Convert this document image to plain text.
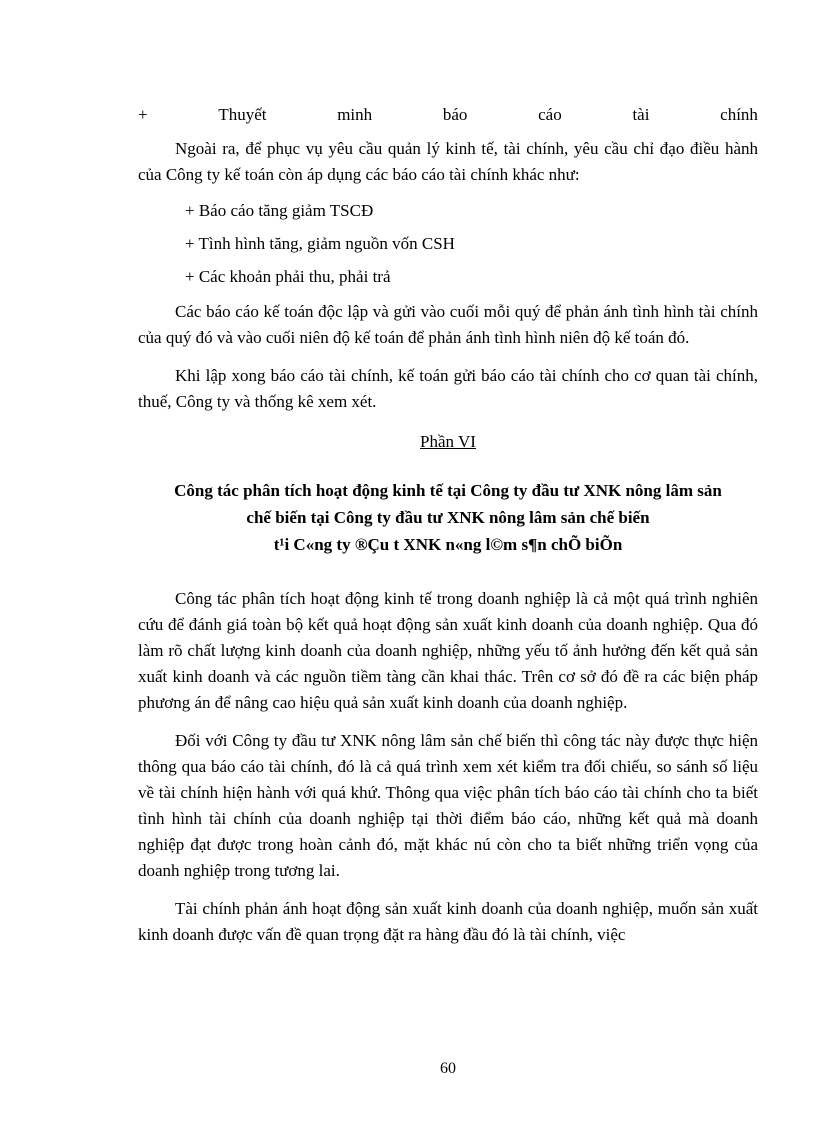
+	Thuyết	minh	báo	cáo	tài	chính

Ngoài ra, để phục vụ yêu cầu quản lý kinh tế, tài chính, yêu cầu chỉ đạo điều hành của Công ty kế toán còn áp dụng các báo cáo tài chính khác như:

+ Báo cáo tăng giảm TSCĐ

+ Tình hình tăng, giảm nguồn vốn CSH

+ Các khoản phải thu, phải trả

Các báo cáo kế toán độc lập và gửi vào cuối mỗi quý để phản ánh tình hình tài chính của quý đó và vào cuối niên độ kế toán để phản ánh tình hình niên độ kế toán đó.

Khi lập xong báo cáo tài chính, kế toán gửi báo cáo tài chính cho cơ quan tài chính, thuế, Công ty và thống kê xem xét.

Phần VI
Công tác phân tích hoạt động kinh tế tại Công ty đầu tư XNK nông lâm sản
chế biến tại Công ty đầu tư XNK nông lâm sản chế biến
t¹i C«ng ty ®Çu t XNK n«ng l©m s¶n chÕ biÕn

Công tác phân tích hoạt động kinh tế trong doanh nghiệp là cả một quá trình nghiên cứu để đánh giá toàn bộ kết quả hoạt động sản xuất kinh doanh của doanh nghiệp. Qua đó làm rõ chất lượng kinh doanh của doanh nghiệp, những yếu tố ảnh hưởng đến kết quả sản xuất kinh doanh và các nguồn tiềm tàng cần khai thác. Trên cơ sở đó đề ra các biện pháp phương án để nâng cao hiệu quả sản xuất kinh doanh của doanh nghiệp.

Đối với Công ty đầu tư XNK nông lâm sản chế biến thì công tác này được thực hiện thông qua báo cáo tài chính, đó là cả quá trình xem xét kiểm tra đối chiếu, so sánh số liệu về tài chính hiện hành với quá khứ. Thông qua việc phân tích báo cáo tài chính cho ta biết tình hình tài chính của doanh nghiệp tại thời điểm báo cáo, những kết quả mà doanh nghiệp đạt được trong hoàn cảnh đó, mặt khác nú còn cho ta biết những triển vọng của doanh nghiệp trong tương lai.

Tài chính phản ánh hoạt động sản xuất kinh doanh của doanh nghiệp, muốn sản xuất kinh doanh được vấn đề quan trọng đặt ra hàng đầu đó là tài chính, việc

60
